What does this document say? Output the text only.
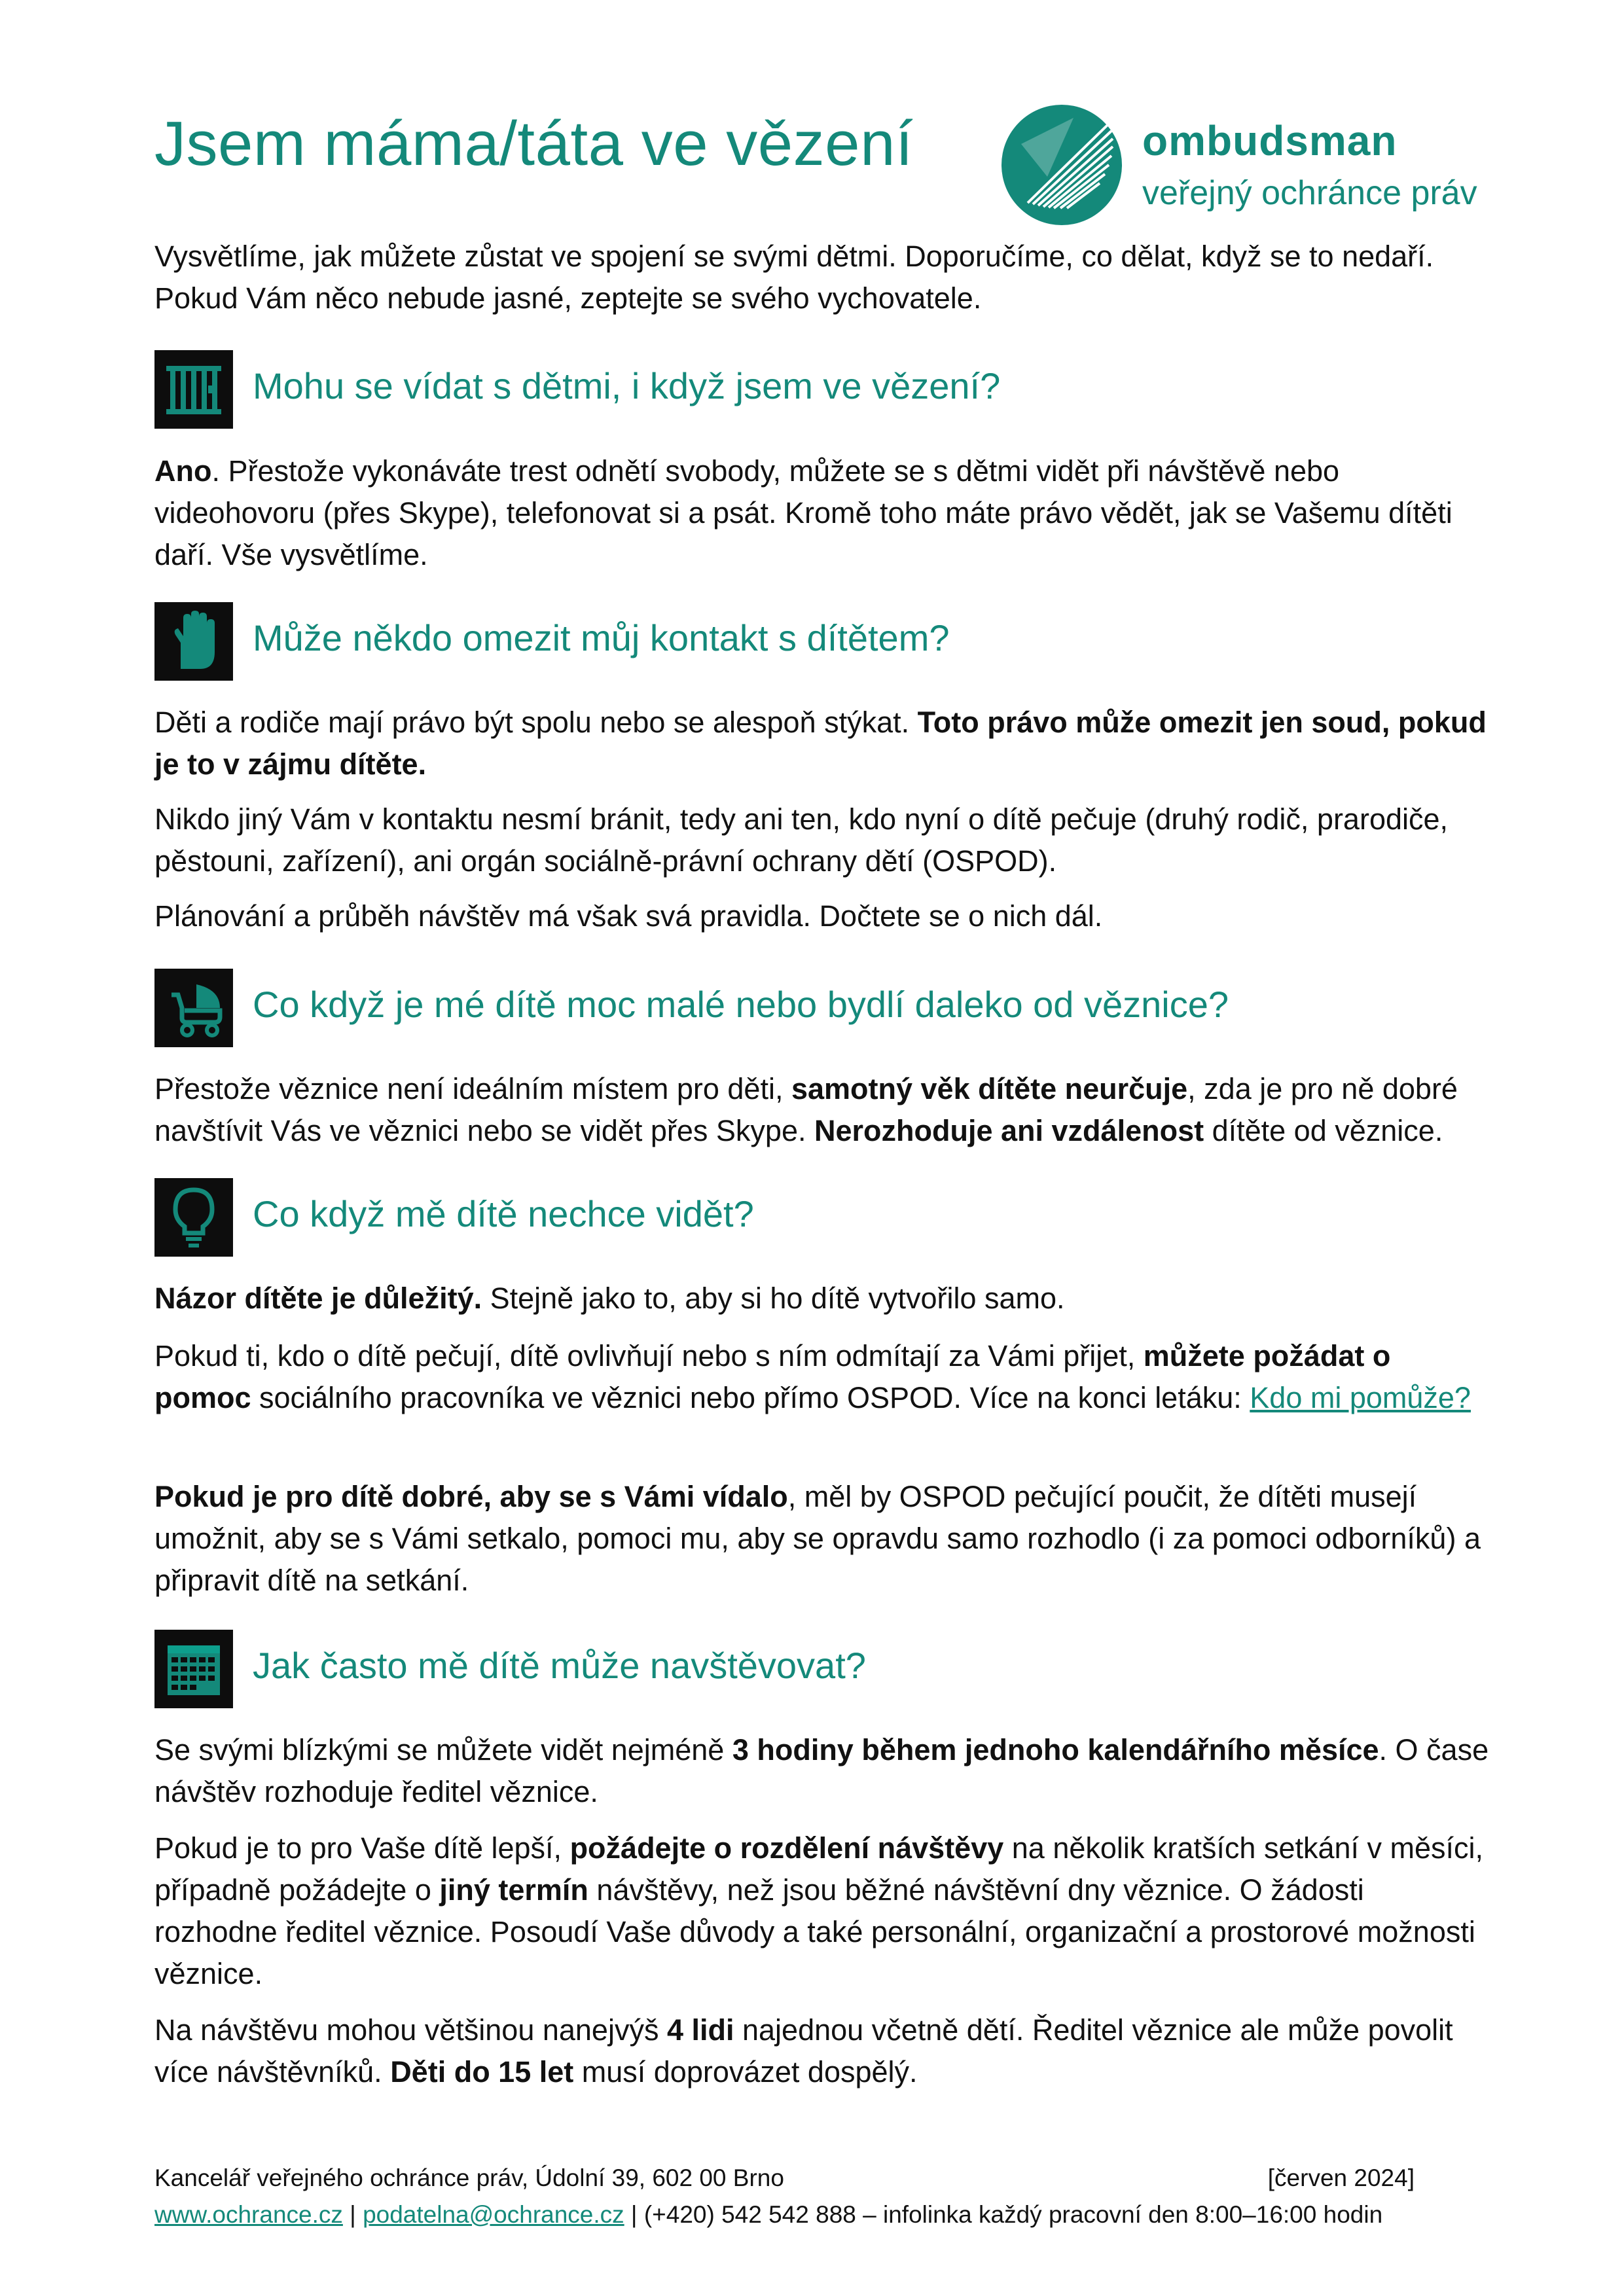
Jsem máma/táta ve vězení	ombudsman
veřejný ochránce práv

Vysvětlíme, jak můžete zůstat ve spojení se svými dětmi. Doporučíme, co dělat, když se to nedaří.
Pokud Vám něco nebude jasné, zeptejte se svého vychovatele.

Mohu se vídat s dětmi, i když jsem ve vězení?

Ano. Přestože vykonáváte trest odnětí svobody, můžete se s dětmi vidět při návštěvě nebo videohovoru (přes Skype), telefonovat si a psát. Kromě toho máte právo vědět, jak se Vašemu dítěti daří. Vše vysvětlíme.

Může někdo omezit můj kontakt s dítětem?

Děti a rodiče mají právo být spolu nebo se alespoň stýkat. Toto právo může omezit jen soud, pokud je to v zájmu dítěte.

Nikdo jiný Vám v kontaktu nesmí bránit, tedy ani ten, kdo nyní o dítě pečuje (druhý rodič, prarodiče, pěstouni, zařízení), ani orgán sociálně-právní ochrany dětí (OSPOD).

Plánování a průběh návštěv má však svá pravidla. Dočtete se o nich dál.

Co když je mé dítě moc malé nebo bydlí daleko od věznice?

Přestože věznice není ideálním místem pro děti, samotný věk dítěte neurčuje, zda je pro ně dobré navštívit Vás ve věznici nebo se vidět přes Skype. Nerozhoduje ani vzdálenost dítěte od věznice.

Co když mě dítě nechce vidět?

Názor dítěte je důležitý. Stejně jako to, aby si ho dítě vytvořilo samo.

Pokud ti, kdo o dítě pečují, dítě ovlivňují nebo s ním odmítají za Vámi přijet, můžete požádat o pomoc sociálního pracovníka ve věznici nebo přímo OSPOD. Více na konci letáku: Kdo mi pomůže?

Pokud je pro dítě dobré, aby se s Vámi vídalo, měl by OSPOD pečující poučit, že dítěti musejí umožnit, aby se s Vámi setkalo, pomoci mu, aby se opravdu samo rozhodlo (i za pomoci odborníků) a připravit dítě na setkání.

Jak často mě dítě může navštěvovat?

Se svými blízkými se můžete vidět nejméně 3 hodiny během jednoho kalendářního měsíce. O čase návštěv rozhoduje ředitel věznice.

Pokud je to pro Vaše dítě lepší, požádejte o rozdělení návštěvy na několik kratších setkání v měsíci, případně požádejte o jiný termín návštěvy, než jsou běžné návštěvní dny věznice. O žádosti rozhodne ředitel věznice. Posoudí Vaše důvody a také personální, organizační a prostorové možnosti věznice.

Na návštěvu mohou většinou nanejvýš 4 lidi najednou včetně dětí. Ředitel věznice ale může povolit více návštěvníků. Děti do 15 let musí doprovázet dospělý.

Kancelář veřejného ochránce práv, Údolní 39, 602 00 Brno	[červen 2024]
www.ochrance.cz | podatelna@ochrance.cz | (+420) 542 542 888 – infolinka každý pracovní den 8:00–16:00 hodin
